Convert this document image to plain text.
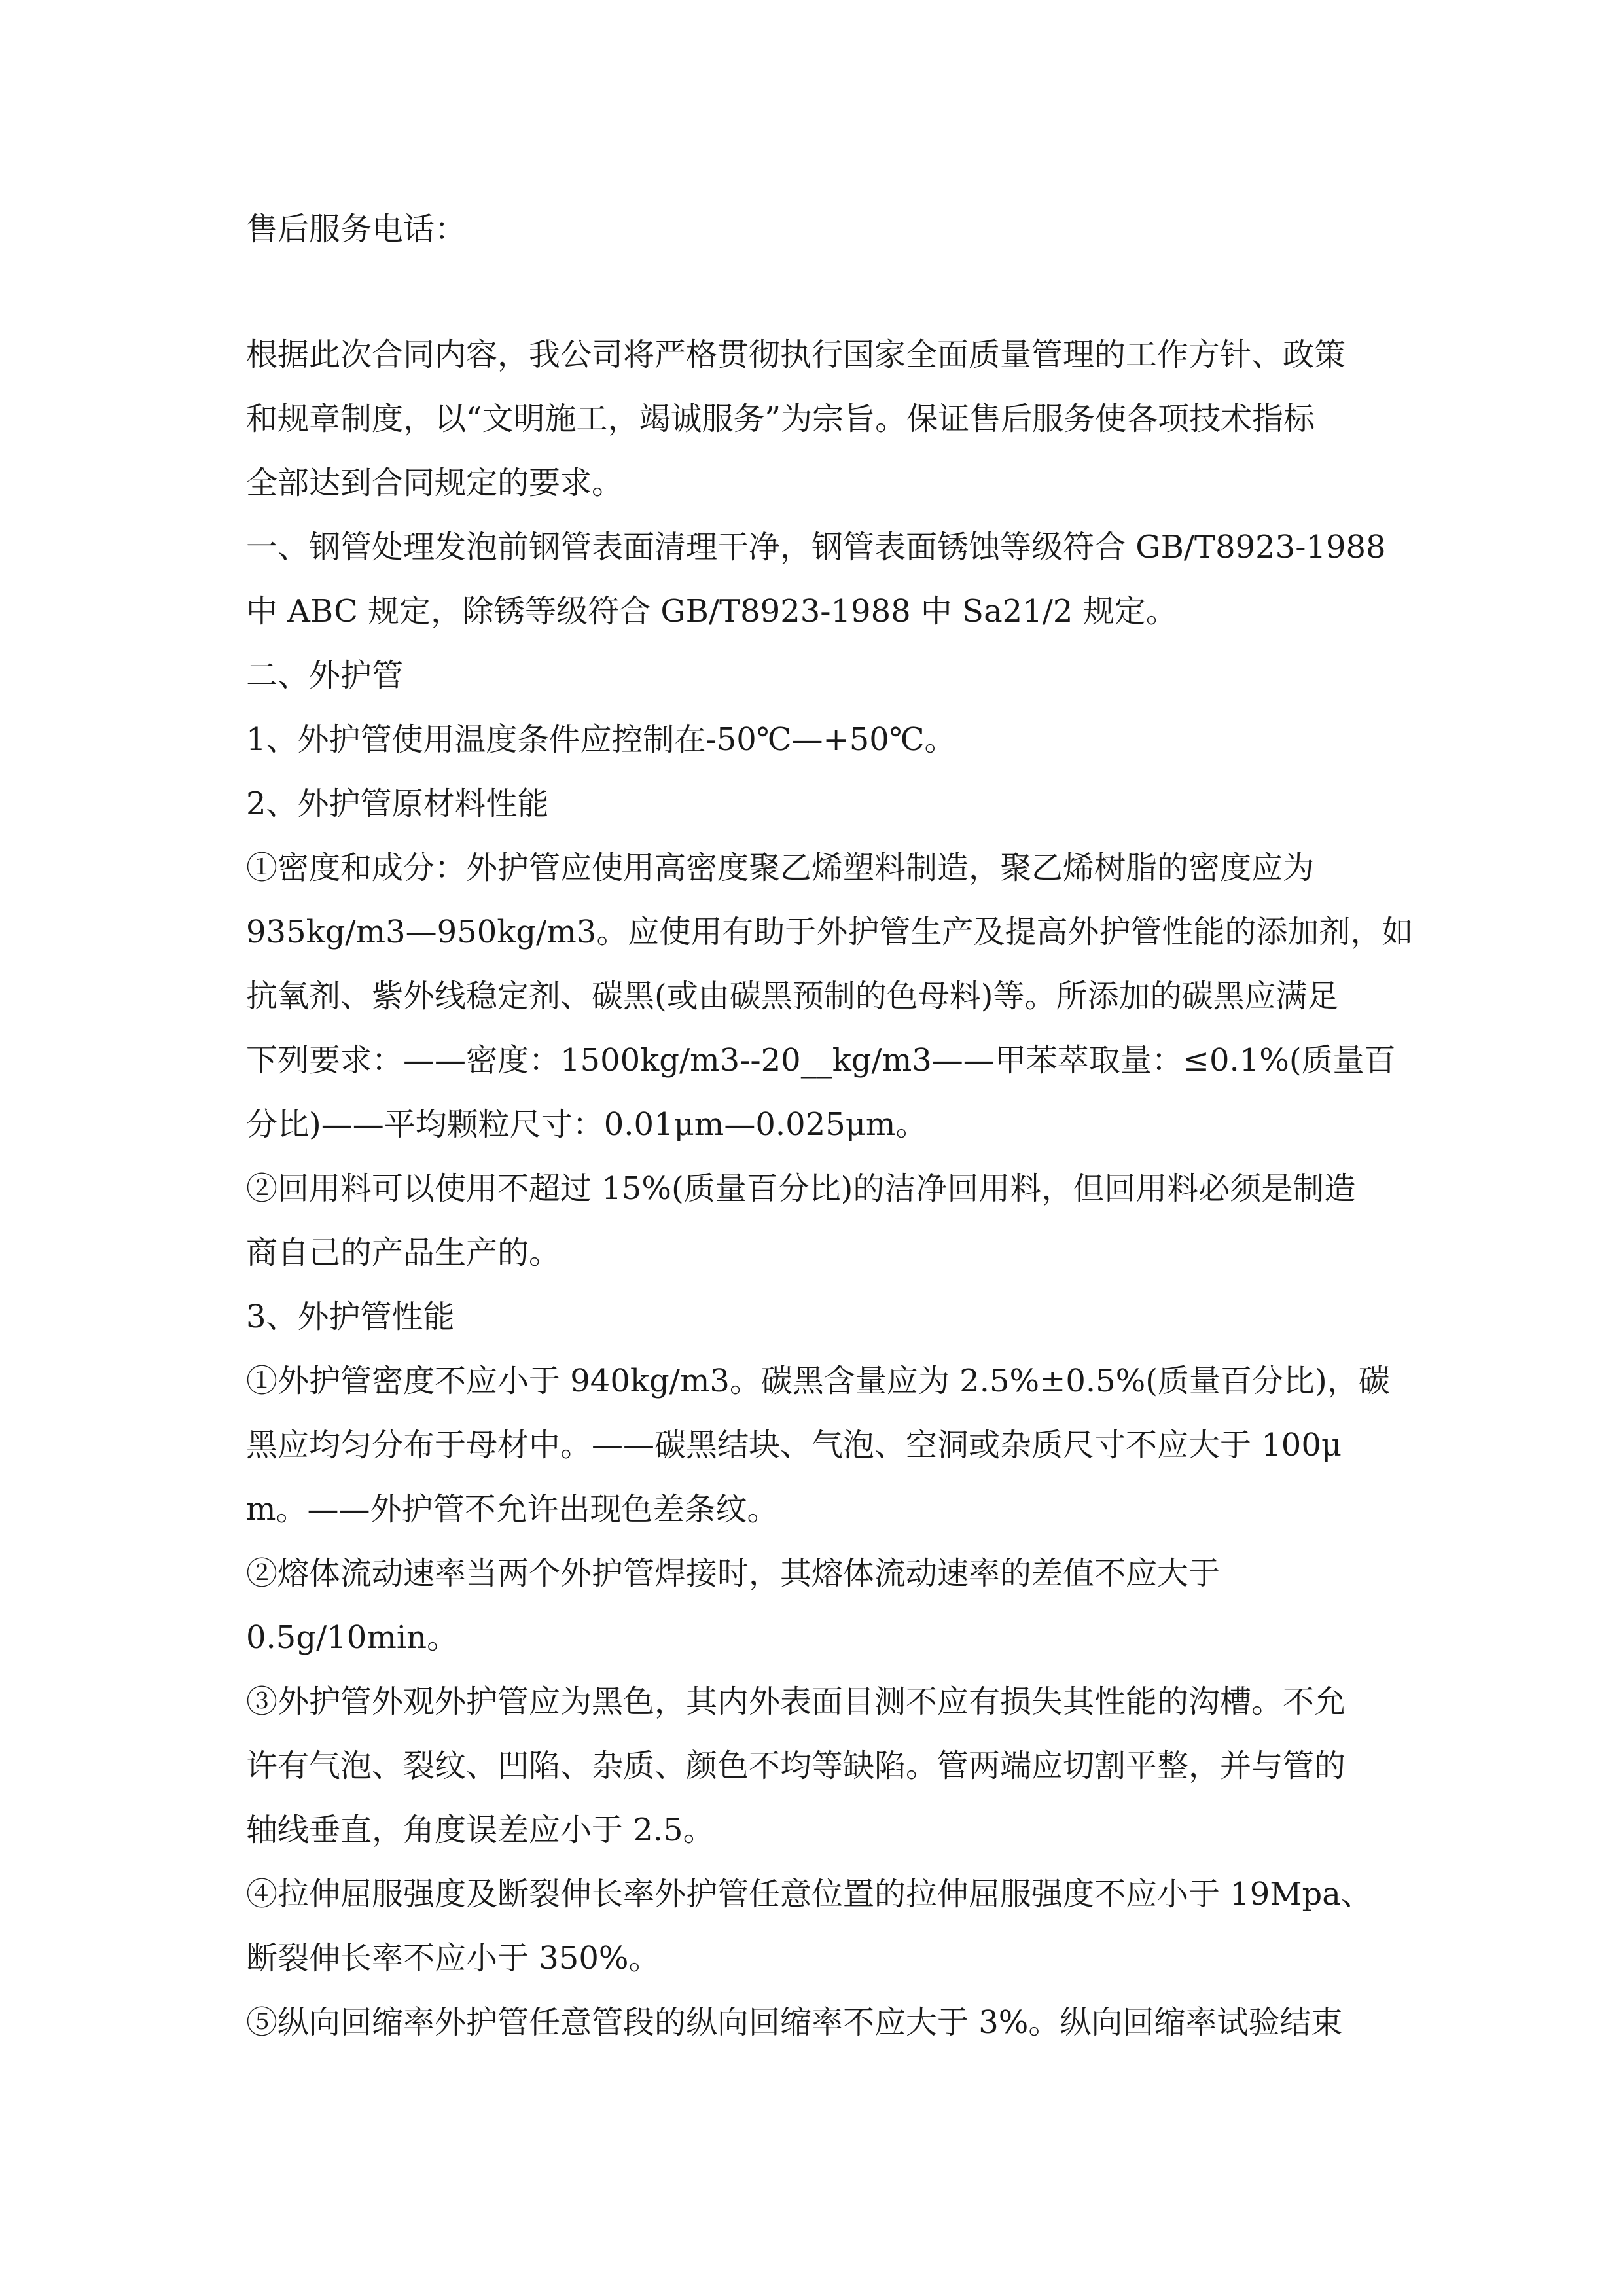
售后服务电话：

根据此次合同内容，我公司将严格贯彻执行国家全面质量管理的工作方针、政策

和规章制度，以“文明施工，竭诚服务”为宗旨。保证售后服务使各项技术指标

全部达到合同规定的要求。

一、钢管处理发泡前钢管表面清理干净，钢管表面锈蚀等级符合 GB/T8923-1988

中 ABC 规定，除锈等级符合 GB/T8923-1988 中 Sa21/2 规定。

二、外护管

1、外护管使用温度条件应控制在-50℃—+50℃。

2、外护管原材料性能

①密度和成分：外护管应使用高密度聚乙烯塑料制造，聚乙烯树脂的密度应为

935kg/m3—950kg/m3。应使用有助于外护管生产及提高外护管性能的添加剂，如

抗氧剂、紫外线稳定剂、碳黑(或由碳黑预制的色母料)等。所添加的碳黑应满足

下列要求：——密度：1500kg/m3--20__kg/m3——甲苯萃取量：≤0.1%(质量百

分比)——平均颗粒尺寸：0.01μm—0.025μm。

②回用料可以使用不超过 15%(质量百分比)的洁净回用料，但回用料必须是制造

商自己的产品生产的。

3、外护管性能

①外护管密度不应小于 940kg/m3。碳黑含量应为 2.5%±0.5%(质量百分比)，碳

黑应均匀分布于母材中。——碳黑结块、气泡、空洞或杂质尺寸不应大于 100μ

m。——外护管不允许出现色差条纹。

②熔体流动速率当两个外护管焊接时，其熔体流动速率的差值不应大于

0.5g/10min。

③外护管外观外护管应为黑色，其内外表面目测不应有损失其性能的沟槽。不允

许有气泡、裂纹、凹陷、杂质、颜色不均等缺陷。管两端应切割平整，并与管的

轴线垂直，角度误差应小于 2.5。

④拉伸屈服强度及断裂伸长率外护管任意位置的拉伸屈服强度不应小于 19Mpa、

断裂伸长率不应小于 350%。

⑤纵向回缩率外护管任意管段的纵向回缩率不应大于 3%。纵向回缩率试验结束
